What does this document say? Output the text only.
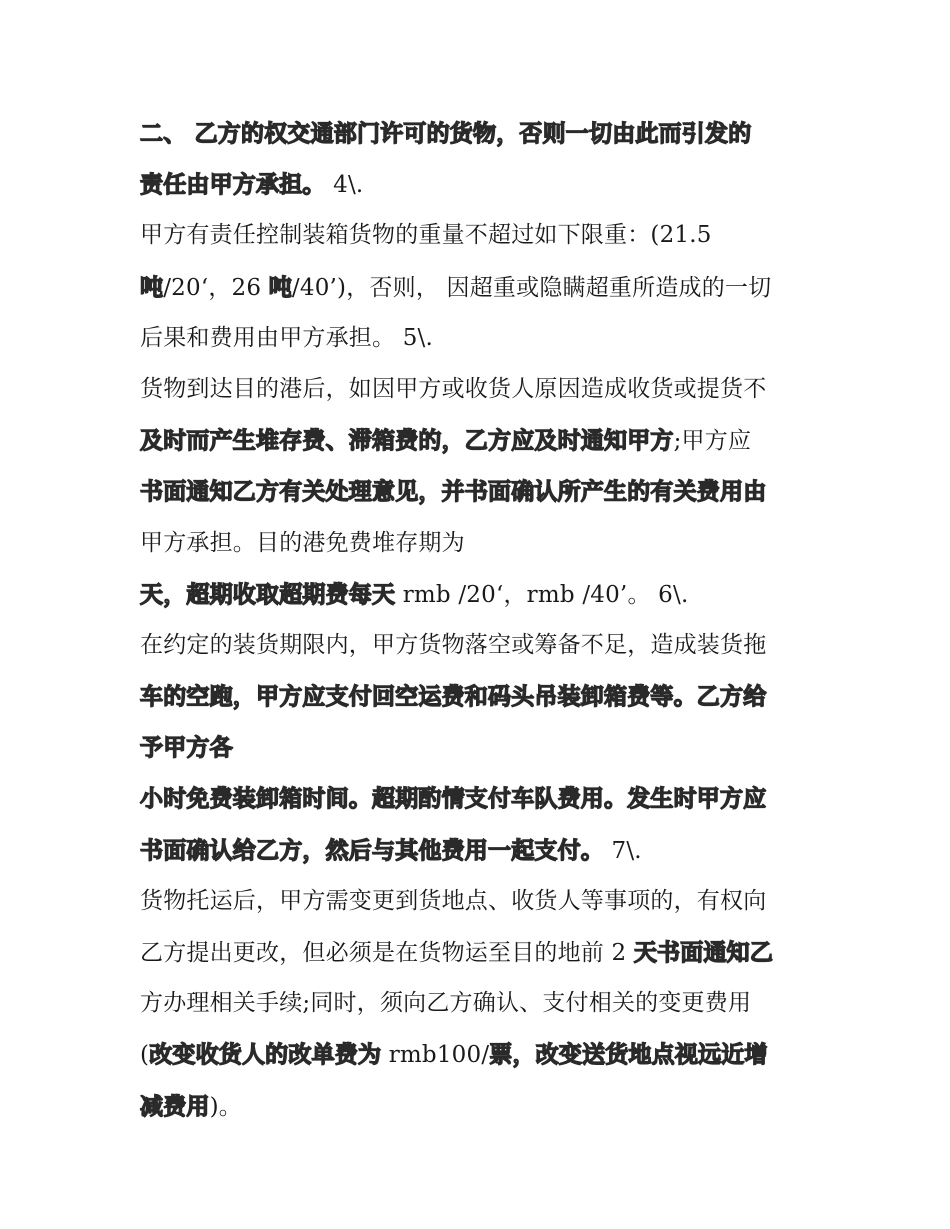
二、 乙方的权交通部门许可的货物，否则一切由此而引发的
责任由甲方承担。 4\.
甲方有责任控制装箱货物的重量不超过如下限重：(21.5
吨/20‘，26 吨/40’)，否则， 因超重或隐瞒超重所造成的一切
后果和费用由甲方承担。 5\.
货物到达目的港后，如因甲方或收货人原因造成收货或提货不
及时而产生堆存费、滞箱费的，乙方应及时通知甲方;甲方应
书面通知乙方有关处理意见，并书面确认所产生的有关费用由
甲方承担。目的港免费堆存期为
天，超期收取超期费每天 rmb /20‘，rmb /40’。 6\.
在约定的装货期限内，甲方货物落空或筹备不足，造成装货拖
车的空跑，甲方应支付回空运费和码头吊装卸箱费等。乙方给
予甲方各
小时免费装卸箱时间。超期酌情支付车队费用。发生时甲方应
书面确认给乙方，然后与其他费用一起支付。 7\.
货物托运后，甲方需变更到货地点、收货人等事项的，有权向
乙方提出更改，但必须是在货物运至目的地前 2 天书面通知乙
方办理相关手续;同时，须向乙方确认、支付相关的变更费用
(改变收货人的改单费为 rmb100/票，改变送货地点视远近增
减费用)。
